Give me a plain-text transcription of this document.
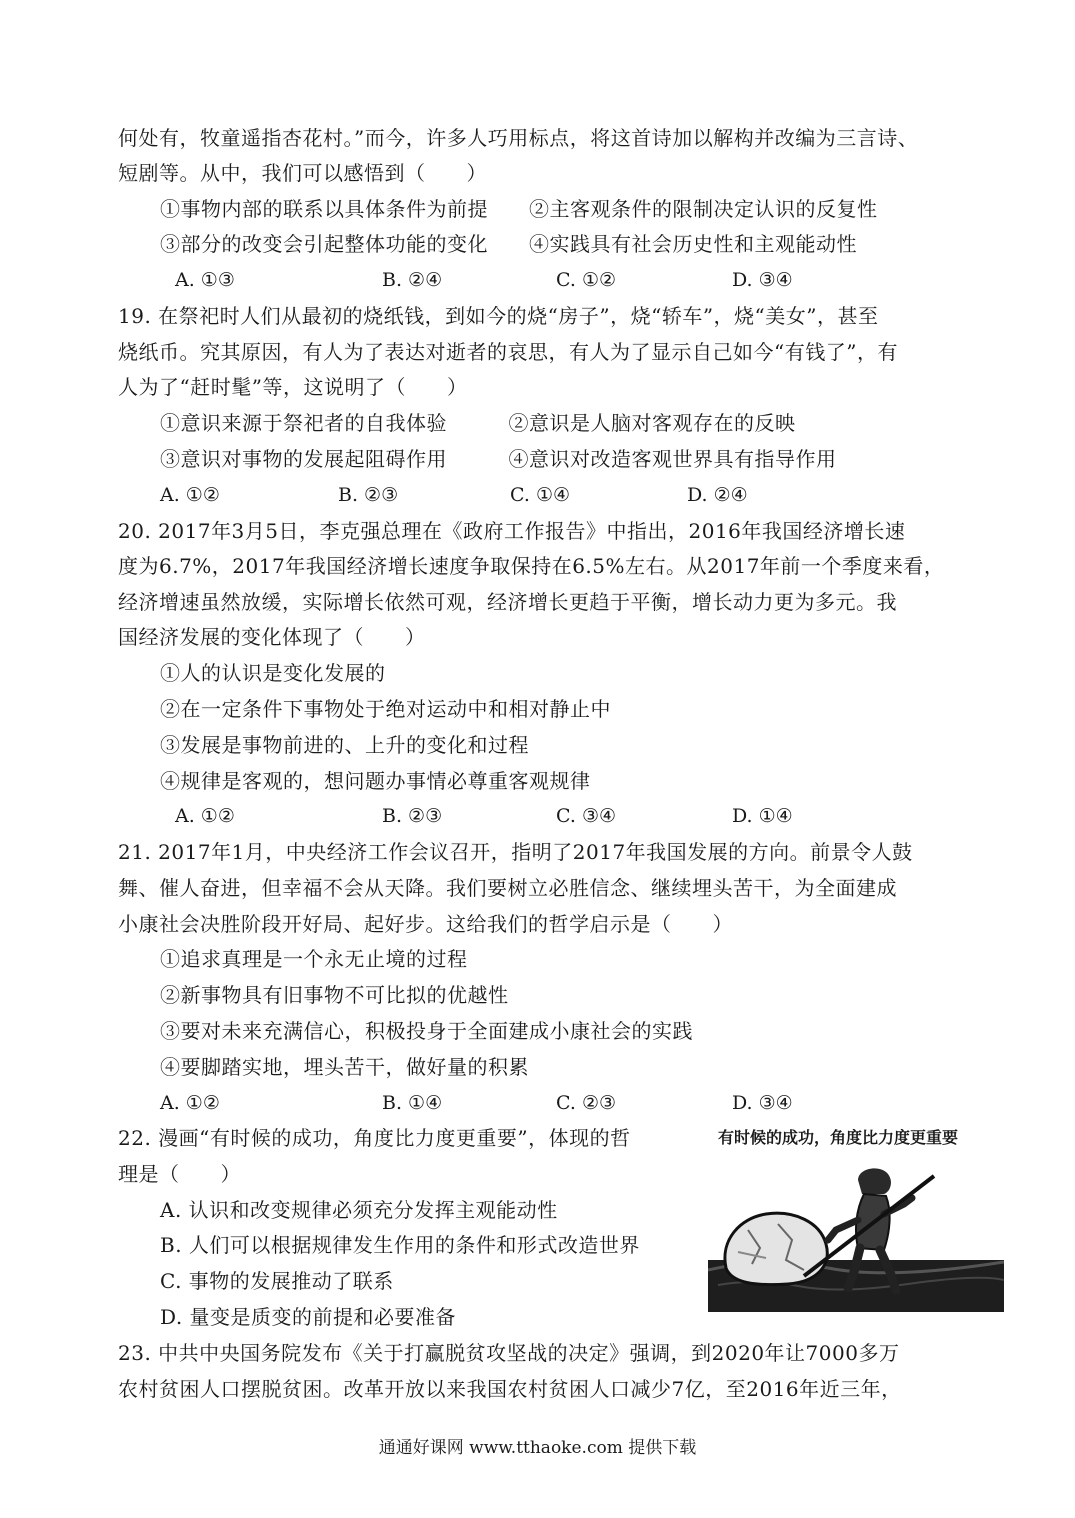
何处有，牧童遥指杏花村。”而今，许多人巧用标点，将这首诗加以解构并改编为三言诗、
短剧等。从中，我们可以感悟到（　　）
①事物内部的联系以具体条件为前提　　②主客观条件的限制决定认识的反复性
③部分的改变会引起整体功能的变化　　④实践具有社会历史性和主观能动性
A. ①③	B. ②④	C. ①②	D. ③④
19. 在祭祀时人们从最初的烧纸钱，到如今的烧“房子”，烧“轿车”，烧“美女”，甚至
烧纸币。究其原因，有人为了表达对逝者的哀思，有人为了显示自己如今“有钱了”，有
人为了“赶时髦”等，这说明了（　　）
①意识来源于祭祀者的自我体验　　　②意识是人脑对客观存在的反映
③意识对事物的发展起阻碍作用　　　④意识对改造客观世界具有指导作用
A. ①②	B. ②③	C. ①④	D. ②④
20. 2017年3月5日，李克强总理在《政府工作报告》中指出，2016年我国经济增长速
度为6.7%，2017年我国经济增长速度争取保持在6.5%左右。从2017年前一个季度来看，
经济增速虽然放缓，实际增长依然可观，经济增长更趋于平衡，增长动力更为多元。我
国经济发展的变化体现了（　　）
①人的认识是变化发展的
②在一定条件下事物处于绝对运动中和相对静止中
③发展是事物前进的、上升的变化和过程
④规律是客观的，想问题办事情必尊重客观规律
A. ①②	B. ②③	C. ③④	D. ①④
21. 2017年1月，中央经济工作会议召开，指明了2017年我国发展的方向。前景令人鼓
舞、催人奋进，但幸福不会从天降。我们要树立必胜信念、继续埋头苦干，为全面建成
小康社会决胜阶段开好局、起好步。这给我们的哲学启示是（　　）
①追求真理是一个永无止境的过程
②新事物具有旧事物不可比拟的优越性
③要对未来充满信心，积极投身于全面建成小康社会的实践
④要脚踏实地，埋头苦干，做好量的积累
A. ①②	B. ①④	C. ②③	D. ③④
22. 漫画“有时候的成功，角度比力度更重要”，体现的哲
理是（　　）
A. 认识和改变规律必须充分发挥主观能动性
B. 人们可以根据规律发生作用的条件和形式改造世界
C. 事物的发展推动了联系
D. 量变是质变的前提和必要准备
有时候的成功，角度比力度更重要
23. 中共中央国务院发布《关于打赢脱贫攻坚战的决定》强调，到2020年让7000多万
农村贫困人口摆脱贫困。改革开放以来我国农村贫困人口减少7亿，至2016年近三年，
通通好课网 www.tthaoke.com 提供下载
